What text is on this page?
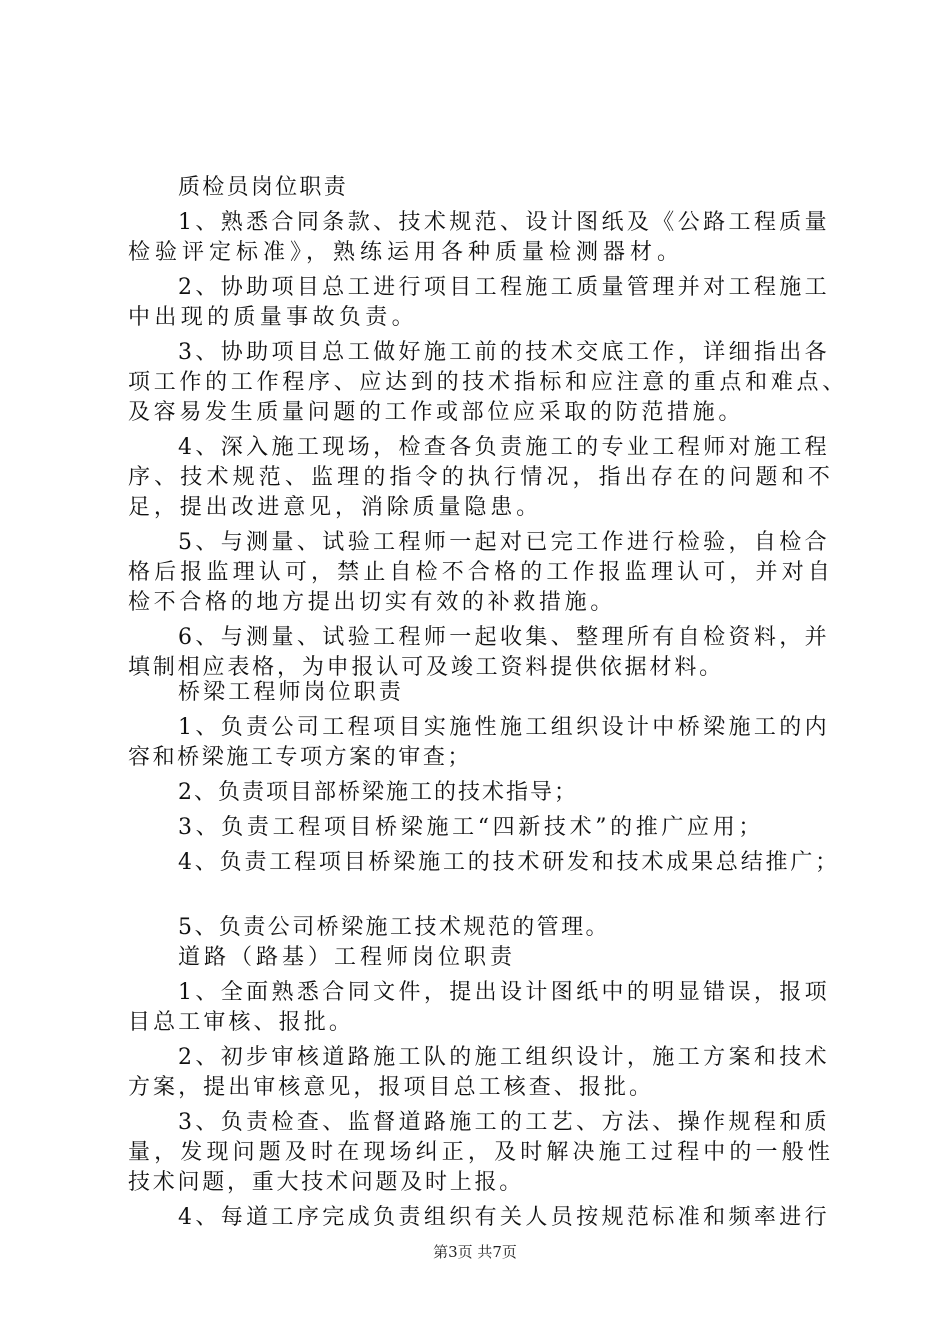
质检员岗位职责
1、熟悉合同条款、技术规范、设计图纸及《公路工程质量
检验评定标准》，熟练运用各种质量检测器材。
2、协助项目总工进行项目工程施工质量管理并对工程施工
中出现的质量事故负责。
3、协助项目总工做好施工前的技术交底工作，详细指出各
项工作的工作程序、应达到的技术指标和应注意的重点和难点、
及容易发生质量问题的工作或部位应采取的防范措施。
4、深入施工现场，检查各负责施工的专业工程师对施工程
序、技术规范、监理的指令的执行情况，指出存在的问题和不
足，提出改进意见，消除质量隐患。
5、与测量、试验工程师一起对已完工作进行检验，自检合
格后报监理认可，禁止自检不合格的工作报监理认可，并对自
检不合格的地方提出切实有效的补救措施。
6、与测量、试验工程师一起收集、整理所有自检资料，并
填制相应表格，为申报认可及竣工资料提供依据材料。
桥梁工程师岗位职责
1、负责公司工程项目实施性施工组织设计中桥梁施工的内
容和桥梁施工专项方案的审查；
2、负责项目部桥梁施工的技术指导；
3、负责工程项目桥梁施工“四新技术”的推广应用；
4、负责工程项目桥梁施工的技术研发和技术成果总结推广；
5、负责公司桥梁施工技术规范的管理。
道路（路基）工程师岗位职责
1、全面熟悉合同文件，提出设计图纸中的明显错误，报项
目总工审核、报批。
2、初步审核道路施工队的施工组织设计，施工方案和技术
方案，提出审核意见，报项目总工核查、报批。
3、负责检查、监督道路施工的工艺、方法、操作规程和质
量，发现问题及时在现场纠正，及时解决施工过程中的一般性
技术问题，重大技术问题及时上报。
4、每道工序完成负责组织有关人员按规范标准和频率进行
第3页 共7页
